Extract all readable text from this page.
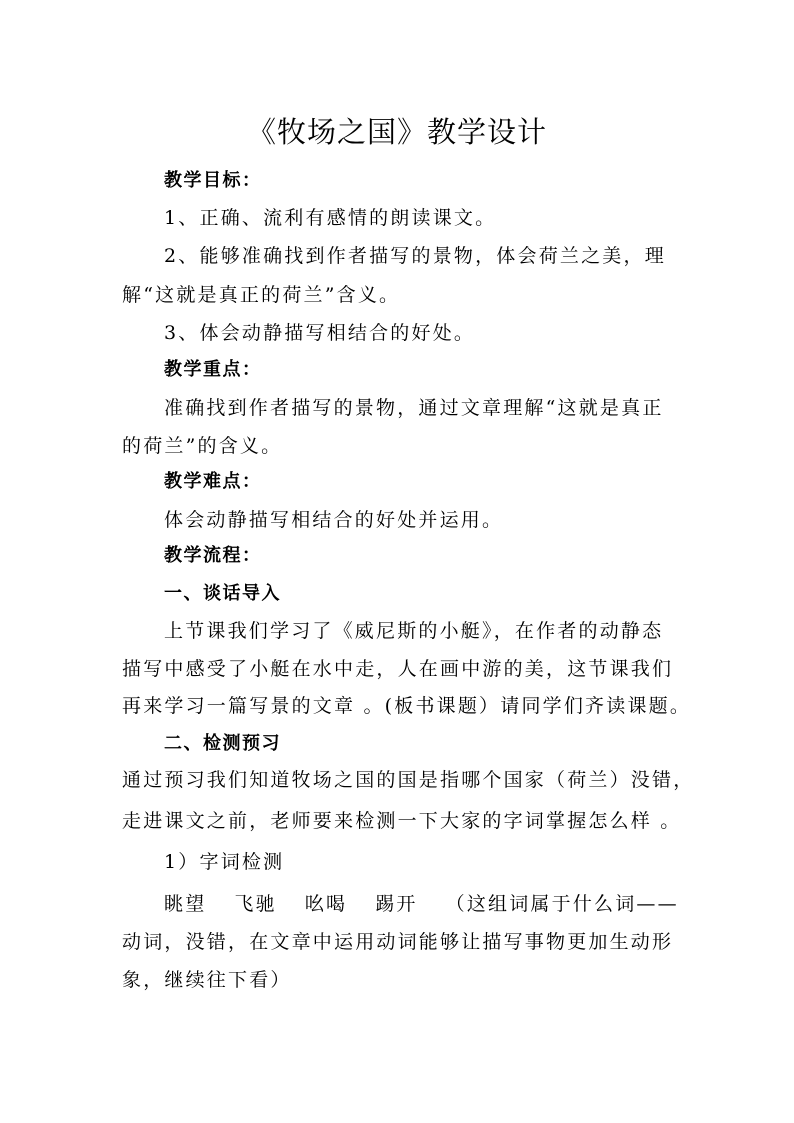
《牧场之国》教学设计
教学目标：
1、正确、流利有感情的朗读课文。
2、能够准确找到作者描写的景物，体会荷兰之美，理
解“这就是真正的荷兰”含义。
3、体会动静描写相结合的好处。
教学重点：
准确找到作者描写的景物，通过文章理解“这就是真正
的荷兰”的含义。
教学难点：
体会动静描写相结合的好处并运用。
教学流程：
一、谈话导入
上节课我们学习了《威尼斯的小艇》，在作者的动静态
描写中感受了小艇在水中走，人在画中游的美，这节课我们
再来学习一篇写景的文章 。(板书课题）请同学们齐读课题。
二、检测预习
通过预习我们知道牧场之国的国是指哪个国家（荷兰）没错，
走进课文之前，老师要来检测一下大家的字词掌握怎么样 。
1）字词检测
眺望 飞驰 吆喝 踢开 （这组词属于什么词——
动词，没错，在文章中运用动词能够让描写事物更加生动形
象，继续往下看）
